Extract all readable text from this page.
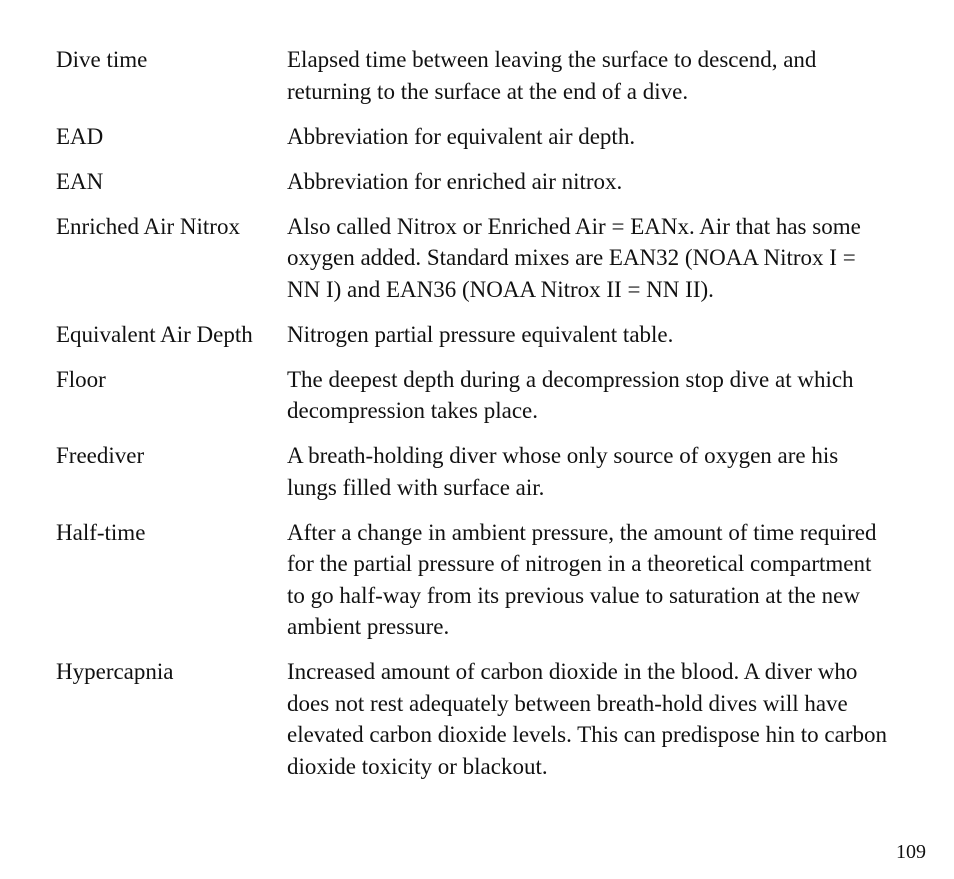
Dive time	Elapsed time between leaving the surface to descend, and returning to the surface at the end of a dive.
EAD	Abbreviation for equivalent air depth.
EAN	Abbreviation for enriched air nitrox.
Enriched Air Nitrox	Also called Nitrox or Enriched Air = EANx. Air that has some oxygen added. Standard mixes are EAN32 (NOAA Nitrox I = NN I) and EAN36 (NOAA Nitrox II = NN II).
Equivalent Air Depth	Nitrogen partial pressure equivalent table.
Floor	The deepest depth during a decompression stop dive at which decompression takes place.
Freediver	A breath-holding diver whose only source of oxygen are his lungs filled with surface air.
Half-time	After a change in ambient pressure, the amount of time required for the partial pressure of nitrogen in a theoretical compartment to go half-way from its previous value to saturation at the new ambient pressure.
Hypercapnia	Increased amount of carbon dioxide in the blood. A diver who does not rest adequately between breath-hold dives will have elevated carbon dioxide levels. This can predispose hin to carbon dioxide toxicity or blackout.
109
